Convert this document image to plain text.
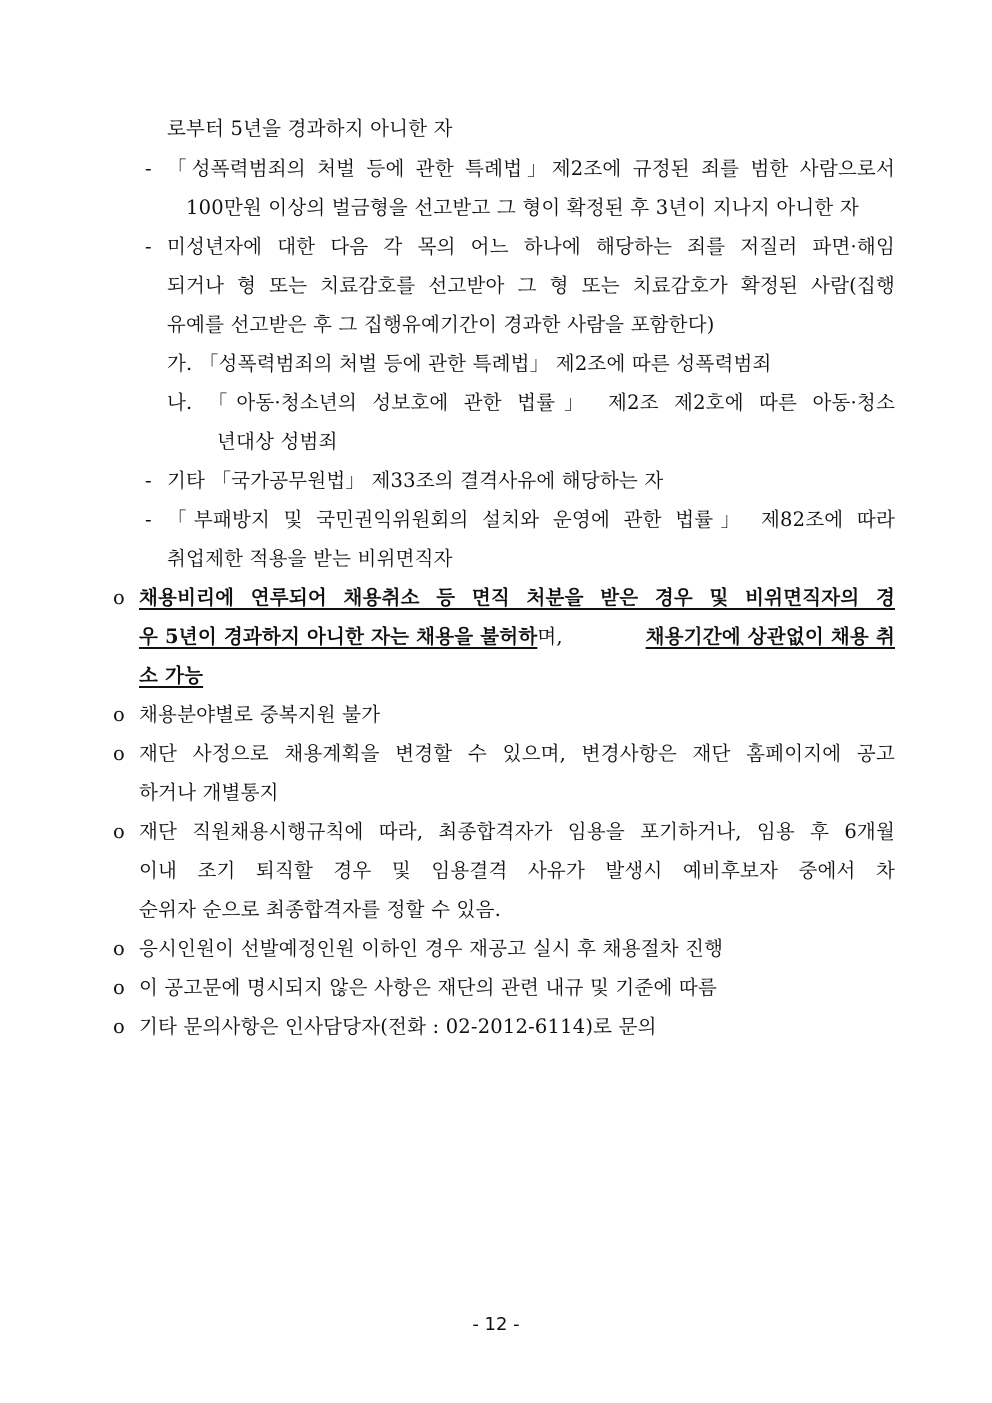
로부터 5년을 경과하지 아니한 자
- 「성폭력범죄의 처벌 등에 관한 특례법」제2조에 규정된 죄를 범한 사람으로서
100만원 이상의 벌금형을 선고받고 그 형이 확정된 후 3년이 지나지 아니한 자
- 미성년자에 대한 다음 각 목의 어느 하나에 해당하는 죄를 저질러 파면·해임
되거나 형 또는 치료감호를 선고받아 그 형 또는 치료감호가 확정된 사람(집행
유예를 선고받은 후 그 집행유예기간이 경과한 사람을 포함한다)
가. 「성폭력범죄의 처벌 등에 관한 특례법」 제2조에 따른 성폭력범죄
나. 「아동·청소년의 성보호에 관한 법률」 제2조 제2호에 따른 아동·청소
년대상 성범죄
- 기타 「국가공무원법」 제33조의 결격사유에 해당하는 자
- 「부패방지 및 국민권익위원회의 설치와 운영에 관한 법률」 제82조에 따라
취업제한 적용을 받는 비위면직자
o 채용비리에 연루되어 채용취소 등 면직 처분을 받은 경우 및 비위면직자의 경
우 5년이 경과하지 아니한 자는 채용을 불허하며,	채용기간에 상관없이 채용 취
소 가능
o 채용분야별로 중복지원 불가
o 재단 사정으로 채용계획을 변경할 수 있으며, 변경사항은 재단 홈페이지에 공고
하거나 개별통지
o 재단 직원채용시행규칙에 따라, 최종합격자가 임용을 포기하거나, 임용 후 6개월
이내 조기 퇴직할 경우 및 임용결격 사유가 발생시 예비후보자 중에서 차
순위자 순으로 최종합격자를 정할 수 있음.
o 응시인원이 선발예정인원 이하인 경우 재공고 실시 후 채용절차 진행
o 이 공고문에 명시되지 않은 사항은 재단의 관련 내규 및 기준에 따름
o 기타 문의사항은 인사담당자(전화 : 02-2012-6114)로 문의
- 12 -
